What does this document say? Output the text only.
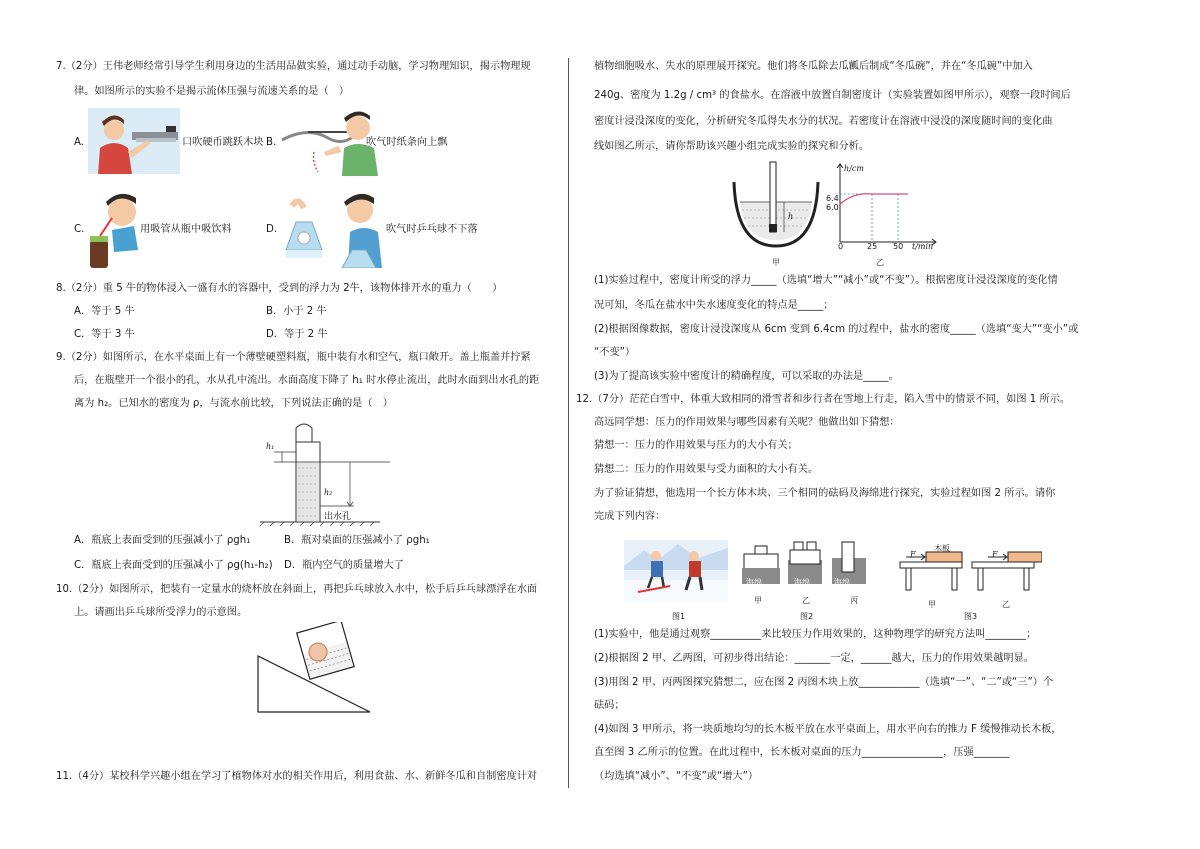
7.（2分）王伟老师经常引导学生利用身边的生活用品做实验，通过动手动脑，学习物理知识，揭示物理规
律。如图所示的实验不是揭示流体压强与流速关系的是（　）
A.	口吹硬币跳跃木块 B.	吹气时纸条向上飘
C.	用吸管从瓶中吸饮料	D.	吹气时乒乓球不下落
8.（2分）重 5 牛的物体浸入一盛有水的容器中，受到的浮力为 2牛，该物体排开水的重力（　　）
A．等于 5 牛	B．小于 2 牛
C．等于 3 牛	D．等于 2 牛
9.（2分）如图所示，在水平桌面上有一个薄壁硬塑料瓶，瓶中装有水和空气，瓶口敞开。盖上瓶盖并拧紧
后，在瓶壁开一个很小的孔，水从孔中流出。水面高度下降了 h₁ 时水停止流出，此时水面到出水孔的距
离为 h₂。已知水的密度为 ρ，与流水前比较，下列说法正确的是（　）
h₁
h₂
出水孔
A．瓶底上表面受到的压强减小了 ρgh₁	B．瓶对桌面的压强减小了 ρgh₁
C．瓶底上表面受到的压强减小了 ρg(h₁-h₂) D．瓶内空气的质量增大了
10.（2分）如图所示，把装有一定量水的烧杯放在斜面上，再把乒乓球放入水中，松手后乒乓球漂浮在水面
上。请画出乒乓球所受浮力的示意图。
11.（4分）某校科学兴趣小组在学习了植物体对水的相关作用后，利用食盐、水、新鲜冬瓜和自制密度计对
植物细胞吸水、失水的原理展开探究。他们将冬瓜除去瓜瓤后制成“冬瓜碗”，并在“冬瓜碗”中加入
240g、密度为 1.2g / cm³ 的食盐水。在溶液中放置自制密度计（实验装置如图甲所示），观察一段时间后
密度计浸没深度的变化，分析研究冬瓜得失水分的状况。若密度计在溶液中浸没的深度随时间的变化曲
线如图乙所示，请你帮助该兴趣小组完成实验的探究和分析。
h
甲
h/cm
6.4
6.0
0	25 50 t/min
乙
(1)实验过程中，密度计所受的浮力_____（选填“增大”“减小”或“不变”）。根据密度计浸没深度的变化情
况可知，冬瓜在盐水中失水速度变化的特点是_____；
(2)根据图像数据，密度计浸没深度从 6cm 变到 6.4cm 的过程中，盐水的密度_____（选填“变大”“变小”或
“不变”）
(3)为了提高该实验中密度计的精确程度，可以采取的办法是_____。
12.（7分）茫茫白雪中，体重大致相同的滑雪者和步行者在雪地上行走，陷入雪中的情景不同，如图 1 所示。
高远同学想：压力的作用效果与哪些因素有关呢？他做出如下猜想：
猜想一：压力的作用效果与压力的大小有关；
猜想二：压力的作用效果与受力面积的大小有关。
为了验证猜想，他选用一个长方体木块、三个相同的砝码及海绵进行探究，实验过程如图 2 所示。请你
完成下列内容：
图1
海绵	海绵	海绵
甲	乙	丙
图2
F	F
木板
甲	乙
图3
(1)实验中，他是通过观察__________来比较压力作用效果的，这种物理学的研究方法叫________；
(2)根据图 2 甲、乙两图，可初步得出结论：_______一定，______越大，压力的作用效果越明显。
(3)用图 2 甲、丙两图探究猜想二，应在图 2 丙图木块上放____________（选填“一”、“二”或“三”）个
砝码；
(4)如图 3 甲所示，将一块质地均匀的长木板平放在水平桌面上，用水平向右的推力 F 缓慢推动长木板，
直至图 3 乙所示的位置。在此过程中，长木板对桌面的压力________________，压强_______
（均选填“减小”、“不变”或“增大”）
